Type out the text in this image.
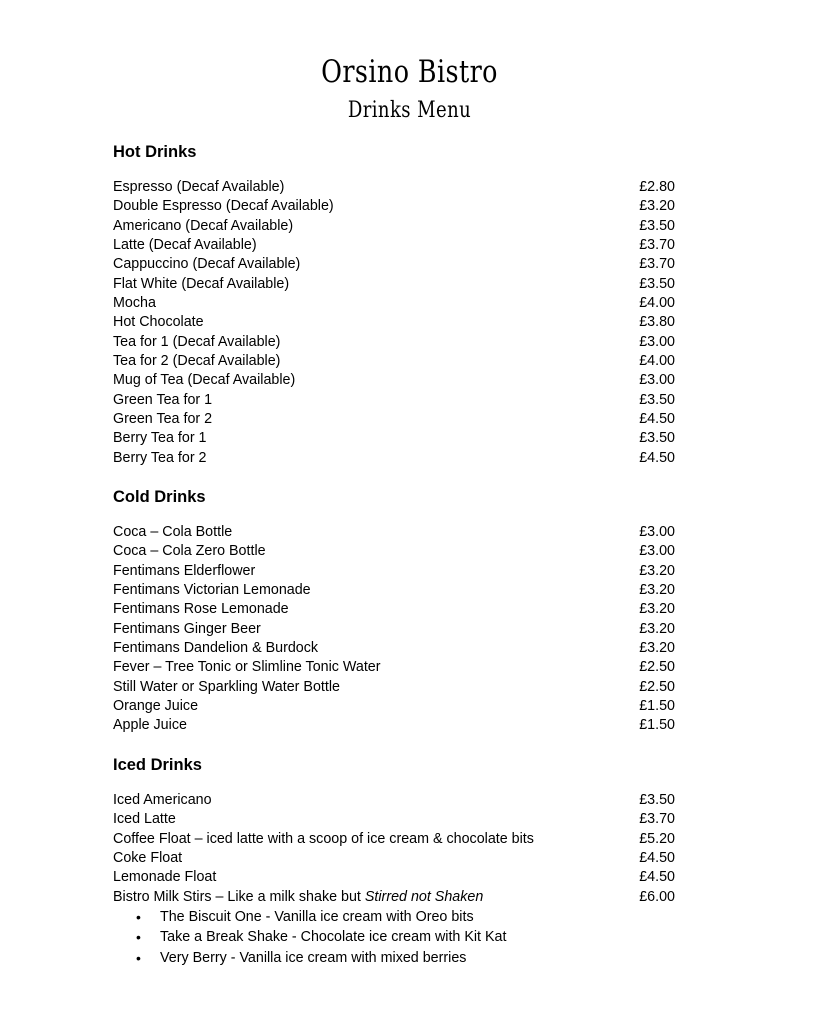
Orsino Bistro
Drinks Menu
Hot Drinks
Espresso (Decaf Available)	£2.80
Double Espresso (Decaf Available)	£3.20
Americano (Decaf Available)	£3.50
Latte (Decaf Available)	£3.70
Cappuccino (Decaf Available)	£3.70
Flat White (Decaf Available)	£3.50
Mocha	£4.00
Hot Chocolate	£3.80
Tea for 1 (Decaf Available)	£3.00
Tea for 2 (Decaf Available)	£4.00
Mug of Tea (Decaf Available)	£3.00
Green Tea for 1	£3.50
Green Tea for 2	£4.50
Berry Tea for 1	£3.50
Berry Tea for 2	£4.50
Cold Drinks
Coca – Cola Bottle	£3.00
Coca – Cola Zero Bottle	£3.00
Fentimans Elderflower	£3.20
Fentimans Victorian Lemonade	£3.20
Fentimans Rose Lemonade	£3.20
Fentimans Ginger Beer	£3.20
Fentimans Dandelion & Burdock	£3.20
Fever – Tree Tonic or Slimline Tonic Water	£2.50
Still Water or Sparkling Water Bottle	£2.50
Orange Juice	£1.50
Apple Juice	£1.50
Iced Drinks
Iced Americano	£3.50
Iced Latte	£3.70
Coffee Float – iced latte with a scoop of ice cream & chocolate bits	£5.20
Coke Float	£4.50
Lemonade Float	£4.50
Bistro Milk Stirs – Like a milk shake but Stirred not Shaken	£6.00
• The Biscuit One - Vanilla ice cream with Oreo bits
• Take a Break Shake - Chocolate ice cream with Kit Kat
• Very Berry - Vanilla ice cream with mixed berries
